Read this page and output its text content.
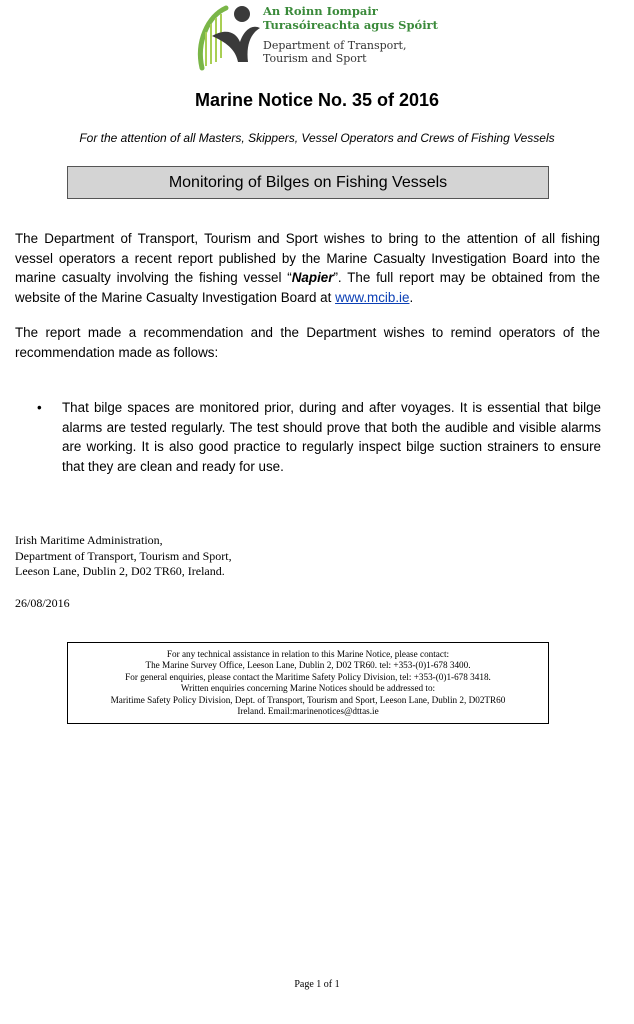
An Roinn Iompair
Turasóireachta agus Spóirt
Department of Transport,
Tourism and Sport
Marine Notice No. 35 of 2016
For the attention of all Masters, Skippers, Vessel Operators and Crews of Fishing Vessels
Monitoring of Bilges on Fishing Vessels
The Department of Transport, Tourism and Sport wishes to bring to the attention of all fishing vessel operators a recent report published by the Marine Casualty Investigation Board into the marine casualty involving the fishing vessel “Napier”. The full report may be obtained from the website of the Marine Casualty Investigation Board at www.mcib.ie.
The report made a recommendation and the Department wishes to remind operators of the recommendation made as follows:
• That bilge spaces are monitored prior, during and after voyages. It is essential that bilge alarms are tested regularly. The test should prove that both the audible and visible alarms are working. It is also good practice to regularly inspect bilge suction strainers to ensure that they are clean and ready for use.
Irish Maritime Administration,
Department of Transport, Tourism and Sport,
Leeson Lane, Dublin 2, D02 TR60, Ireland.
26/08/2016
For any technical assistance in relation to this Marine Notice, please contact:
The Marine Survey Office, Leeson Lane, Dublin 2, D02 TR60. tel: +353-(0)1-678 3400.
For general enquiries, please contact the Maritime Safety Policy Division, tel: +353-(0)1-678 3418.
Written enquiries concerning Marine Notices should be addressed to:
Maritime Safety Policy Division, Dept. of Transport, Tourism and Sport, Leeson Lane, Dublin 2, D02TR60
Ireland. Email:marinenotices@dttas.ie
Page 1 of 1
